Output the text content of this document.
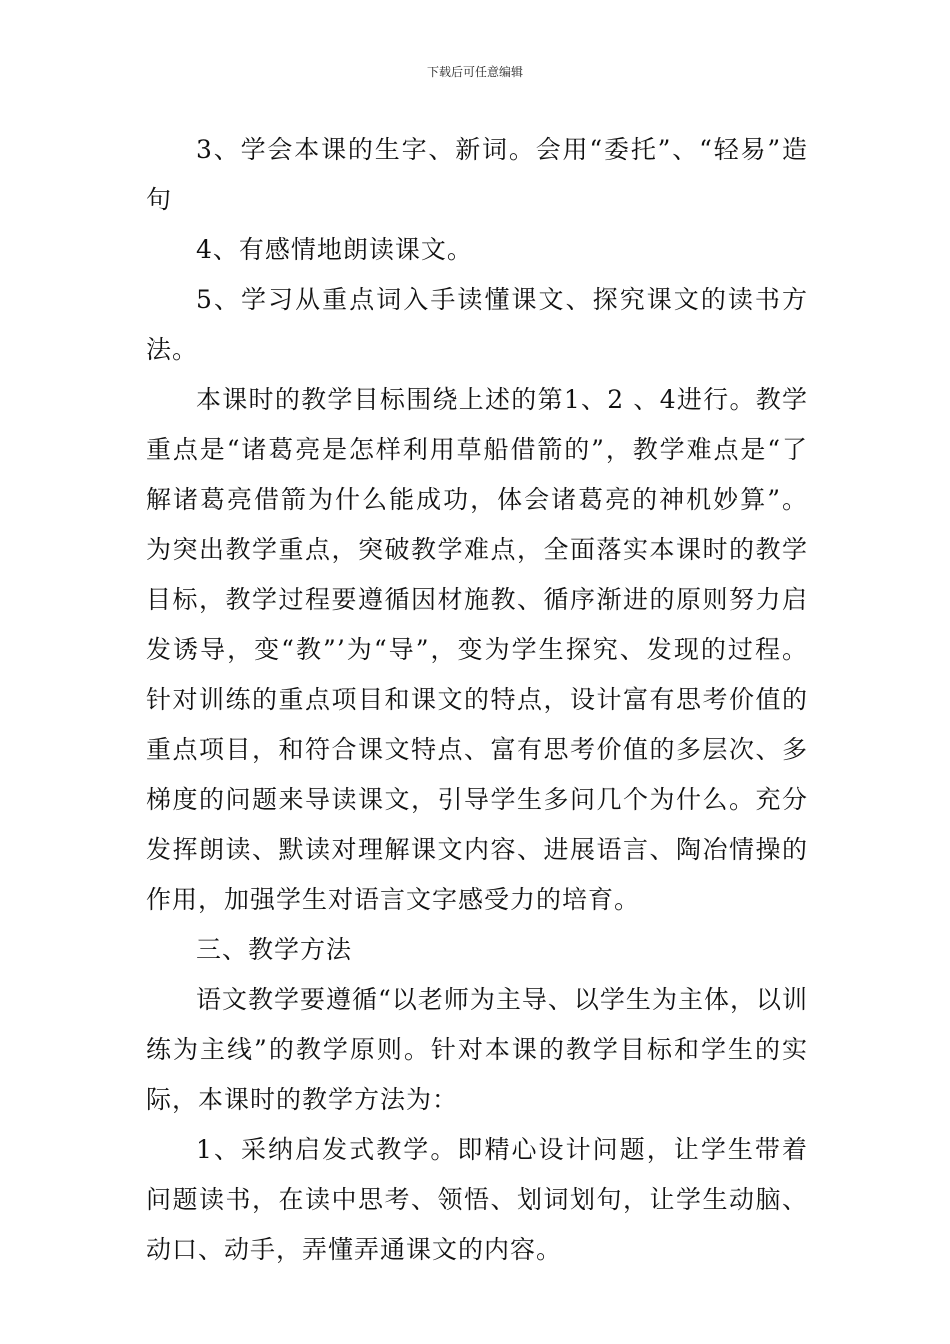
下载后可任意编辑

3、学会本课的生字、新词。会用“委托”、“轻易”造句

4、有感情地朗读课文。

5、学习从重点词入手读懂课文、探究课文的读书方法。

本课时的教学目标围绕上述的第1、2 、4进行。教学重点是“诸葛亮是怎样利用草船借箭的”，教学难点是“了解诸葛亮借箭为什么能成功，体会诸葛亮的神机妙算”。为突出教学重点，突破教学难点，全面落实本课时的教学目标，教学过程要遵循因材施教、循序渐进的原则努力启发诱导，变“教”’为“导”，变为学生探究、发现的过程。针对训练的重点项目和课文的特点，设计富有思考价值的重点项目，和符合课文特点、富有思考价值的多层次、多梯度的问题来导读课文，引导学生多问几个为什么。充分发挥朗读、默读对理解课文内容、进展语言、陶冶情操的作用，加强学生对语言文字感受力的培育。

三、教学方法

语文教学要遵循“以老师为主导、以学生为主体，以训练为主线”的教学原则。针对本课的教学目标和学生的实际，本课时的教学方法为：

1、采纳启发式教学。即精心设计问题，让学生带着问题读书，在读中思考、领悟、划词划句，让学生动脑、动口、动手，弄懂弄通课文的内容。
